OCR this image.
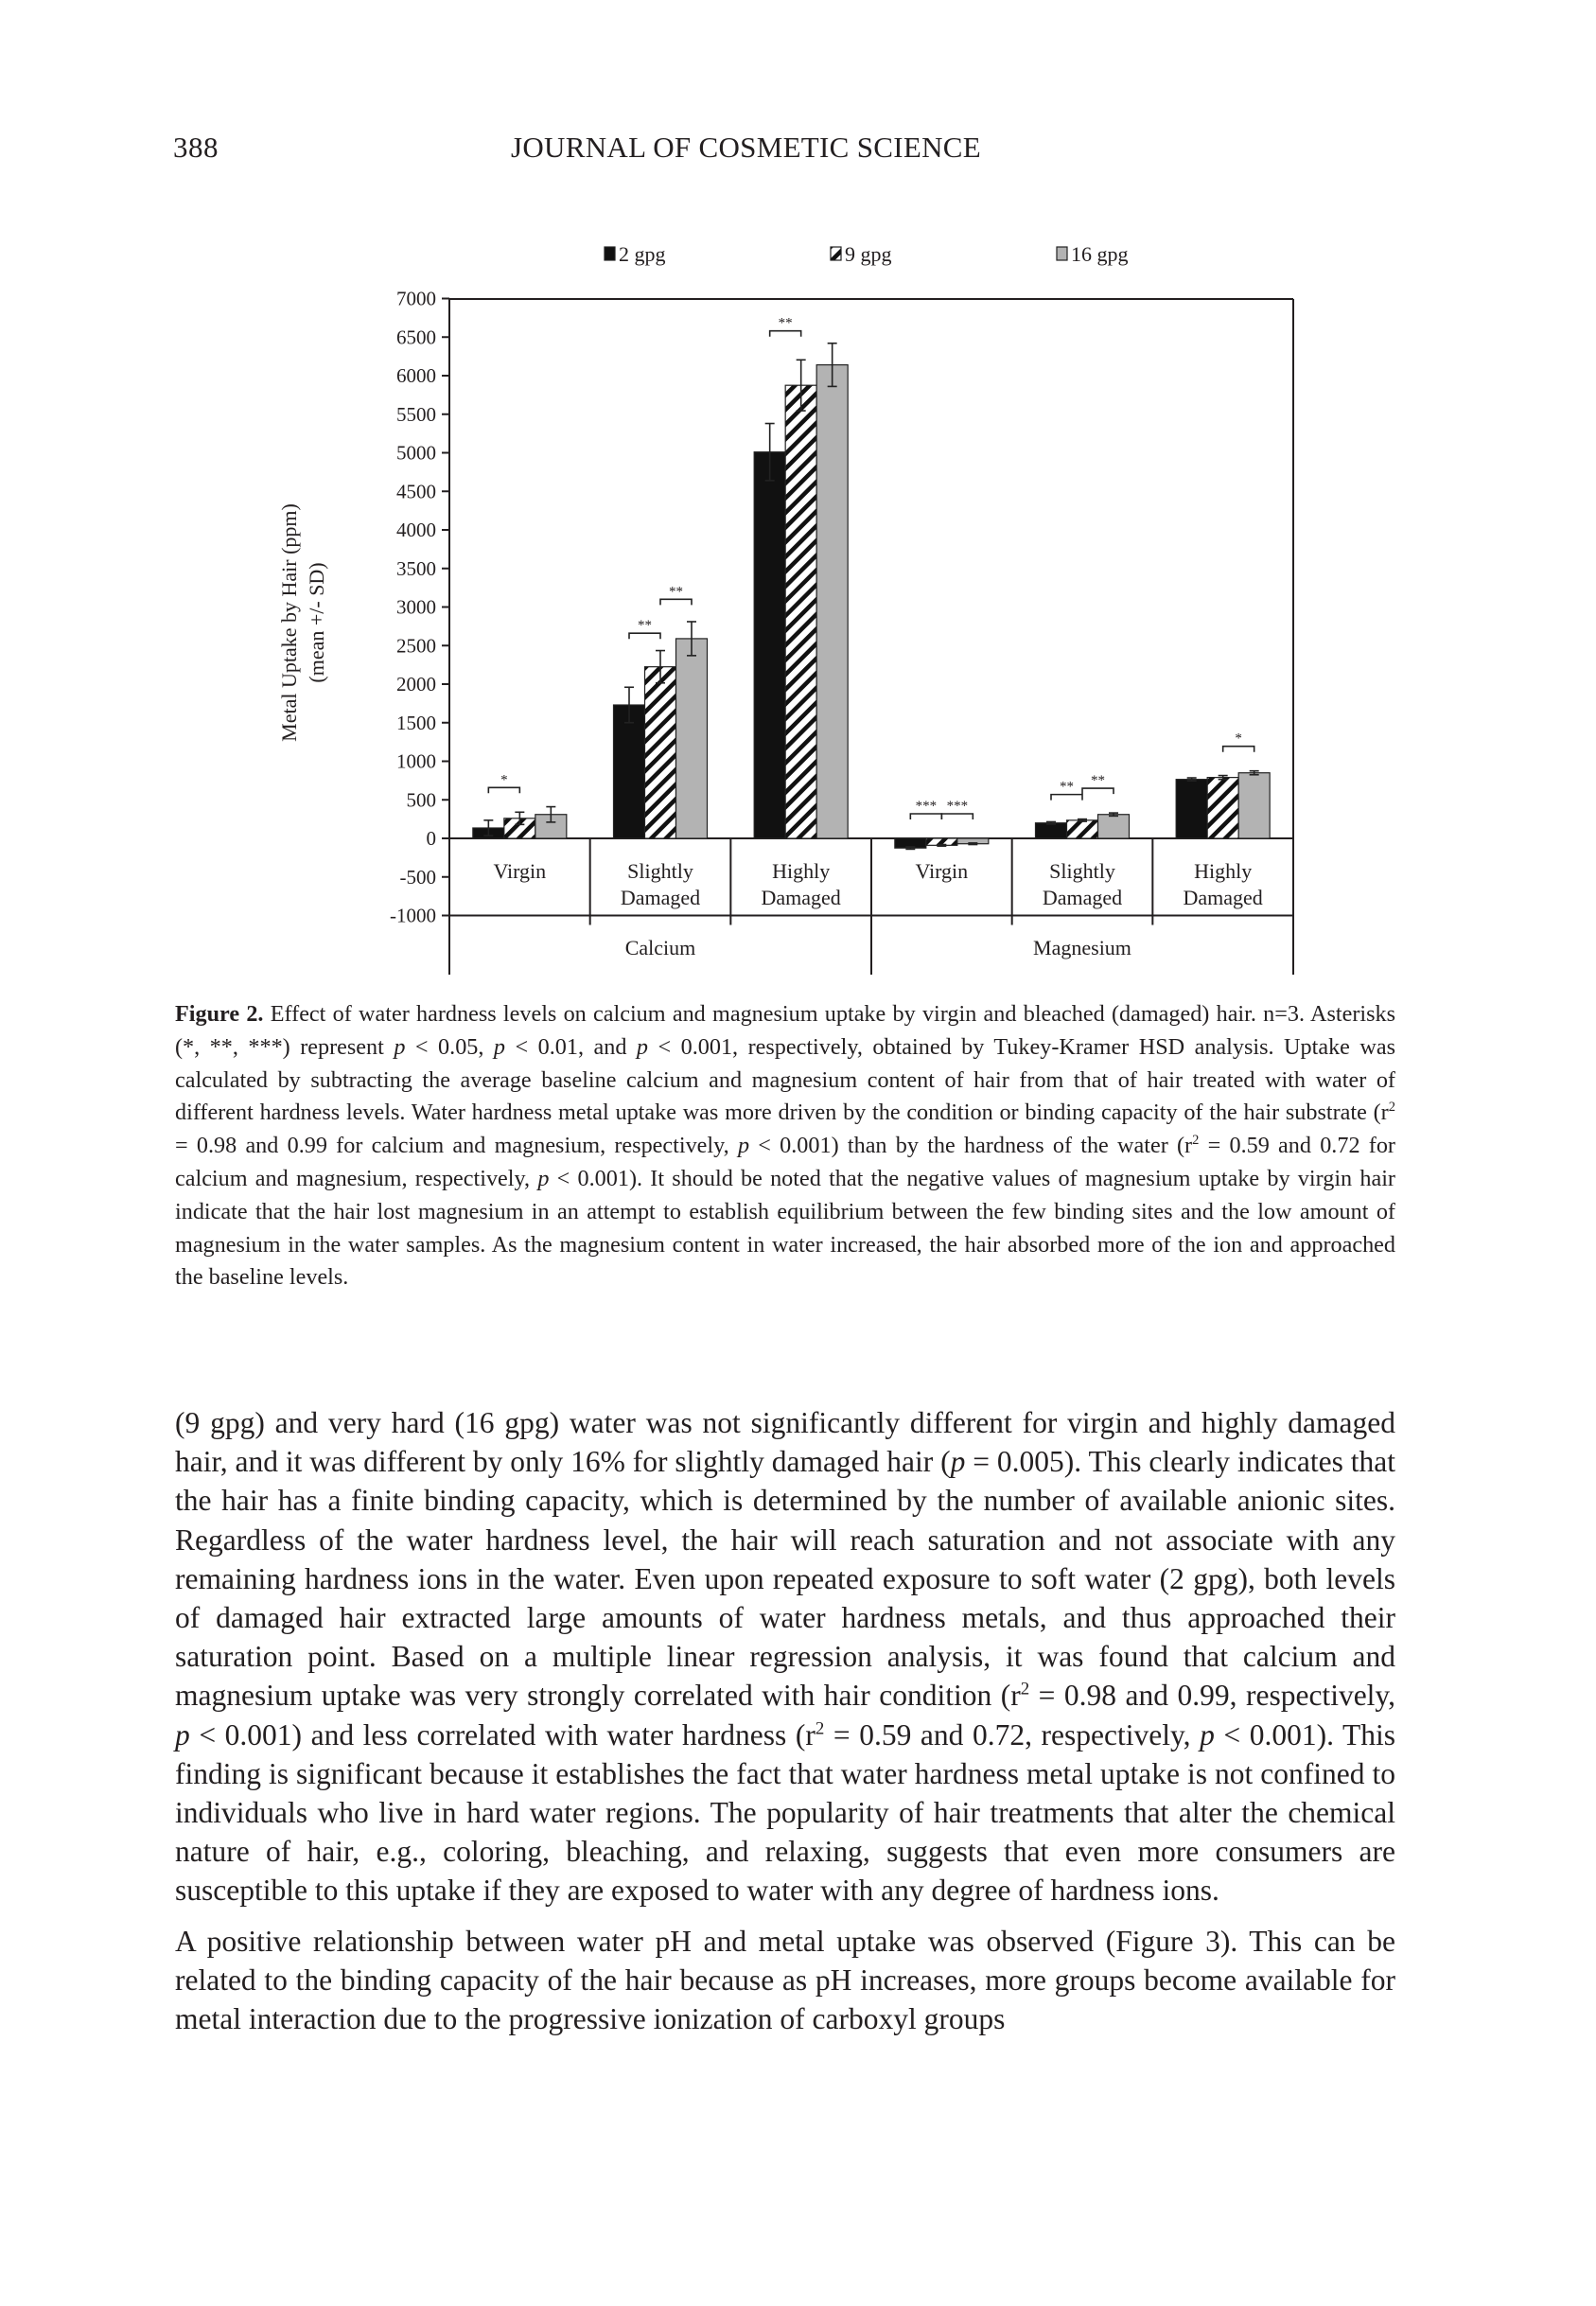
388	JOURNAL OF COSMETIC SCIENCE
2 gpg	9 gpg	16 gpg
Metal Uptake by Hair (ppm) (mean +/- SD)
7000
6500
6000
5500
5000
4500
4000
3500
3000
2500
2000
1500
1000
500
0
-500
-1000
*
**
**
**
*** ***
** **
*
Virgin	Slightly
Damaged
Highly
Damaged
Virgin	Slightly
Damaged
Highly
Damaged
Calcium	Magnesium
Figure 2. Effect of water hardness levels on calcium and magnesium uptake by virgin and bleached (damaged) hair. n=3. Asterisks (*, **, ***) represent p < 0.05, p < 0.01, and p < 0.001, respectively, obtained by Tukey-Kramer HSD analysis. Uptake was calculated by subtracting the average baseline calcium and magnesium content of hair from that of hair treated with water of different hardness levels. Water hardness metal uptake was more driven by the condition or binding capacity of the hair substrate ($r^2 = 0.98$ and 0.99 for calcium and magnesium, respectively, p < 0.001) than by the hardness of the water ($r^2 = 0.59$ and 0.72 for calcium and magnesium, respectively, p < 0.001). It should be noted that the negative values of magnesium uptake by virgin hair indicate that the hair lost magnesium in an attempt to establish equilibrium between the few binding sites and the low amount of magnesium in the water samples. As the magnesium content in water increased, the hair absorbed more of the ion and approached the baseline levels.

(9 gpg) and very hard (16 gpg) water was not significantly different for virgin and highly damaged hair, and it was different by only 16% for slightly damaged hair (p = 0.005). This clearly indicates that the hair has a finite binding capacity, which is determined by the number of available anionic sites. Regardless of the water hardness level, the hair will reach saturation and not associate with any remaining hardness ions in the water. Even upon repeated exposure to soft water (2 gpg), both levels of damaged hair extracted large amounts of water hardness metals, and thus approached their saturation point. Based on a multiple linear regression analysis, it was found that calcium and magnesium uptake was very strongly correlated with hair condition ($r^2 = 0.98$ and 0.99, respectively, p < 0.001) and less correlated with water hardness ($r^2 = 0.59$ and 0.72, respectively, p < 0.001). This finding is significant because it establishes the fact that water hardness metal uptake is not confined to individuals who live in hard water regions. The popularity of hair treatments that alter the chemical nature of hair, e.g., coloring, bleaching, and relaxing, suggests that even more consumers are susceptible to this uptake if they are exposed to water with any degree of hardness ions.

A positive relationship between water pH and metal uptake was observed (Figure 3). This can be related to the binding capacity of the hair because as pH increases, more groups become available for metal interaction due to the progressive ionization of carboxyl groups
